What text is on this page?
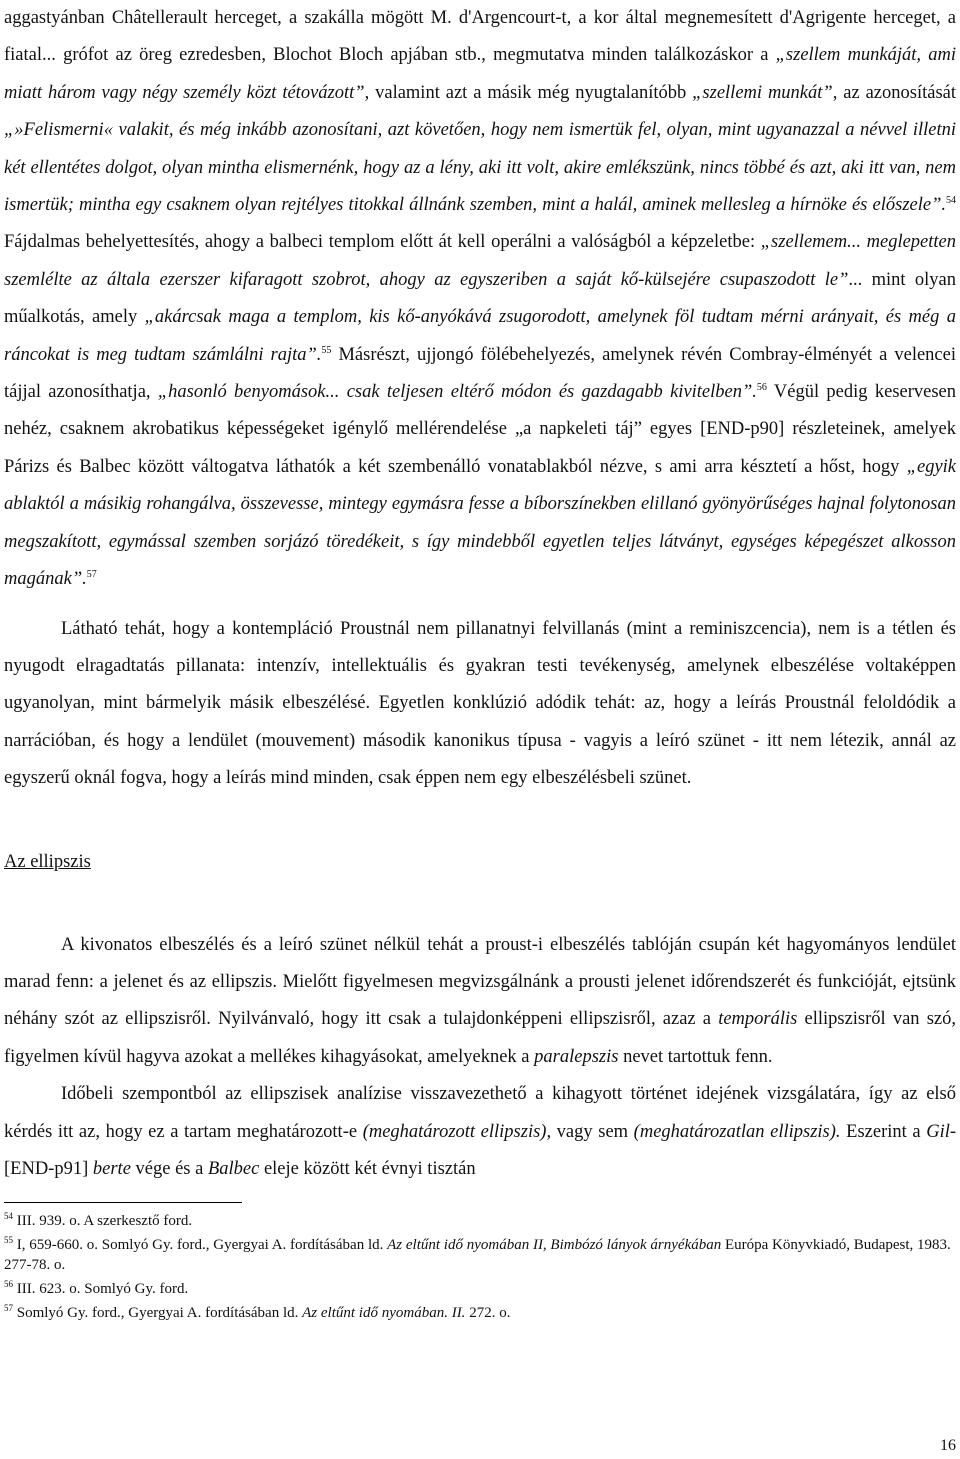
aggastyánban Châtellerault herceget, a szakálla mögött M. d'Argencourt-t, a kor által megnemesített d'Agrigente herceget, a fiatal... grófot az öreg ezredesben, Blochot Bloch apjában stb., megmutatva minden találkozáskor a „szellem munkáját, ami miatt három vagy négy személy közt tétovázott”, valamint azt a másik még nyugtalanítóbb „szellemi munkát”, az azonosítását „»Felismerni« valakit, és még inkább azonosítani, azt követően, hogy nem ismertük fel, olyan, mint ugyanazzal a névvel illetni két ellentétes dolgot, olyan mintha elismernénk, hogy az a lény, aki itt volt, akire emlékszünk, nincs többé és azt, aki itt van, nem ismertük; mintha egy csaknem olyan rejtélyes titokkal állnánk szemben, mint a halál, aminek mellesleg a hírnöke és előszele”.$^{54}$ Fájdalmas behelyettesítés, ahogy a balbeci templom előtt át kell operálni a valóságból a képzeletbe: „szellemem... meglepetten szemlélte az általa ezerszer kifaragott szobrot, ahogy az egyszeriben a saját kő-külsejére csupaszodott le”... mint olyan műalkotás, amely „akárcsak maga a templom, kis kő-anyókává zsugorodott, amelynek föl tudtam mérni arányait, és még a ráncokat is meg tudtam számlálni rajta”.$^{55}$ Másrészt, ujjongó fölébehelyezés, amelynek révén Combray-élményét a velencei tájjal azonosíthatja, „hasonló benyomások... csak teljesen eltérő módon és gazdagabb kivitelben”.$^{56}$ Végül pedig keservesen nehéz, csaknem akrobatikus képességeket igénylő mellérendelése „a napkeleti táj” egyes [END-p90] részleteinek, amelyek Párizs és Balbec között váltogatva láthatók a két szembenálló vonatablakból nézve, s ami arra késztetí a hőst, hogy „egyik ablaktól a másikig rohangálva, összevesse, mintegy egymásra fesse a bíborszínekben elillanó gyönyörűséges hajnal folytonosan megszakított, egymással szemben sorjázó töredékeit, s így mindebből egyetlen teljes látványt, egységes képegészet alkosson magának”.$^{57}$

Látható tehát, hogy a kontempláció Proustnál nem pillanatnyi felvillanás (mint a reminiszcencia), nem is a tétlen és nyugodt elragadtatás pillanata: intenzív, intellektuális és gyakran testi tevékenység, amelynek elbeszélése voltaképpen ugyanolyan, mint bármelyik másik elbeszélésé. Egyetlen konklúzió adódik tehát: az, hogy a leírás Proustnál feloldódik a narrációban, és hogy a lendület (mouvement) második kanonikus típusa - vagyis a leíró szünet - itt nem létezik, annál az egyszerű oknál fogva, hogy a leírás mind minden, csak éppen nem egy elbeszélésbeli szünet.

Az ellipszis

A kivonatos elbeszélés és a leíró szünet nélkül tehát a proust-i elbeszélés tablóján csupán két hagyományos lendület marad fenn: a jelenet és az ellipszis. Mielőtt figyelmesen megvizsgálnánk a prousti jelenet időrendszerét és funkcióját, ejtsünk néhány szót az ellipszisről. Nyilvánvaló, hogy itt csak a tulajdonképpeni ellipszisről, azaz a temporális ellipszisről van szó, figyelmen kívül hagyva azokat a mellékes kihagyásokat, amelyeknek a paralepszis nevet tartottuk fenn.

Időbeli szempontból az ellipszisek analízise visszavezethető a kihagyott történet idejének vizsgálatára, így az első kérdés itt az, hogy ez a tartam meghatározott-e (meghatározott ellipszis), vagy sem (meghatározatlan ellipszis). Eszerint a Gil- [END-p91] berte vége és a Balbec eleje között két évnyi tisztán

$^{54}$ III. 939. o. A szerkesztő ford.

$^{55}$ I, 659-660. o. Somlyó Gy. ford., Gyergyai A. fordításában ld. Az eltűnt idő nyomában II, Bimbózó lányok árnyékában Európa Könyvkiadó, Budapest, 1983. 277-78. o.

$^{56}$ III. 623. o. Somlyó Gy. ford.

$^{57}$ Somlyó Gy. ford., Gyergyai A. fordításában ld. Az eltűnt idő nyomában. II. 272. o.

16
